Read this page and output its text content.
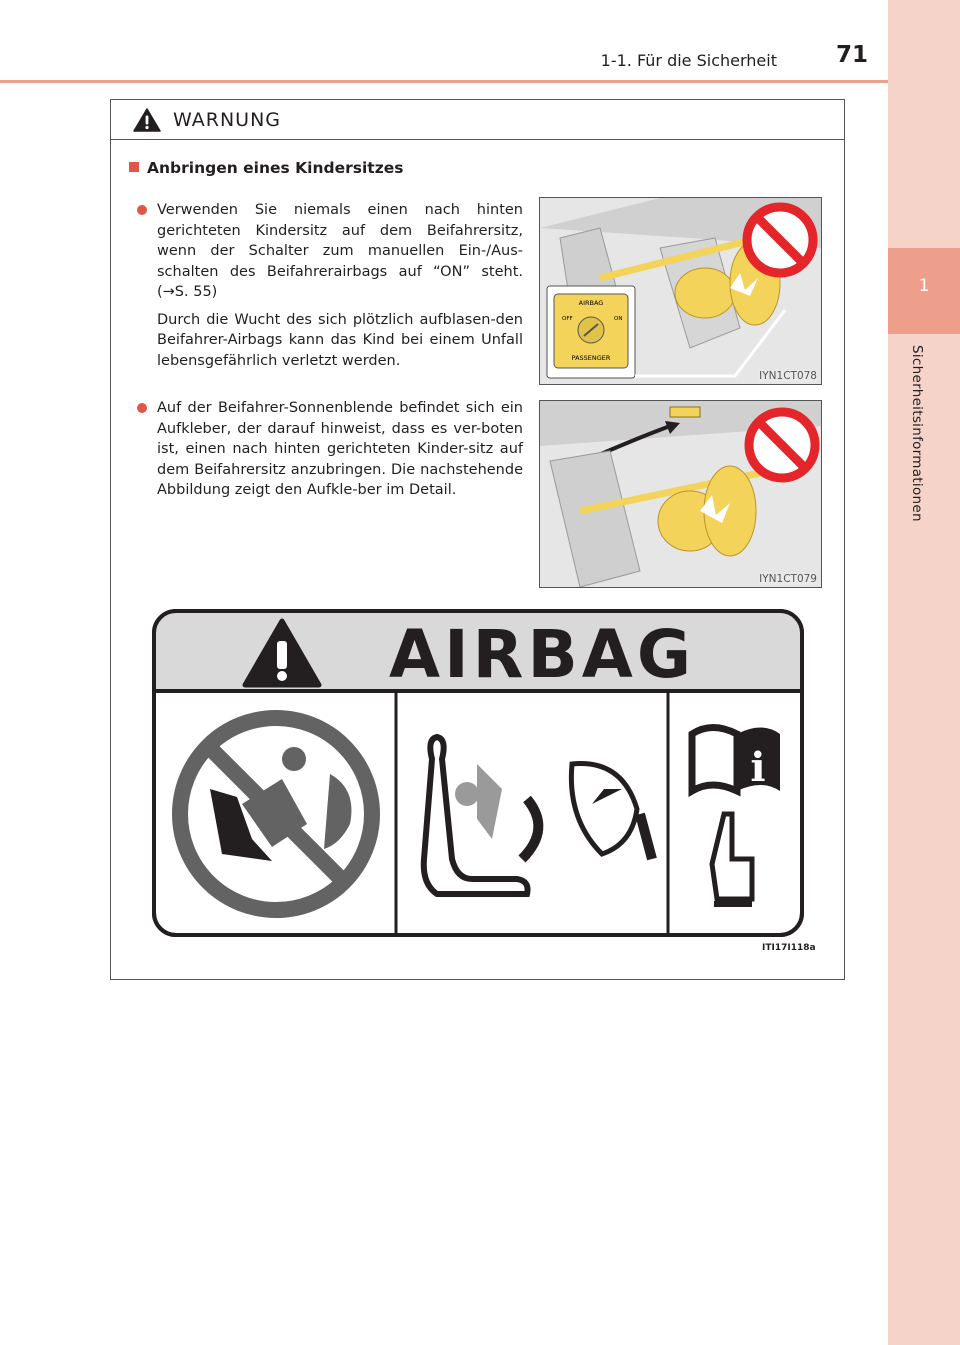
1
Sicherheitsinformationen
1-1. Für die Sicherheit	71
WARNUNG
Anbringen eines Kindersitzes

Verwenden Sie niemals einen nach hinten gerichteten Kindersitz auf dem Beifahrersitz, wenn der Schalter zum manuellen Ein-/Aus-schalten des Beifahrerairbags auf “ON” steht. (→S. 55)

Durch die Wucht des sich plötzlich aufblasen-den Beifahrer-Airbags kann das Kind bei einem Unfall lebensgefährlich verletzt werden.

Auf der Beifahrer-Sonnenblende befindet sich ein Aufkleber, der darauf hinweist, dass es ver-boten ist, einen nach hinten gerichteten Kinder-sitz auf dem Beifahrersitz anzubringen. Die nachstehende Abbildung zeigt den Aufkle-ber im Detail.

AIRBAG
OFF	ON
PASSENGER
IYN1CT078
IYN1CT079
AIRBAG
i
ITI17I118a
